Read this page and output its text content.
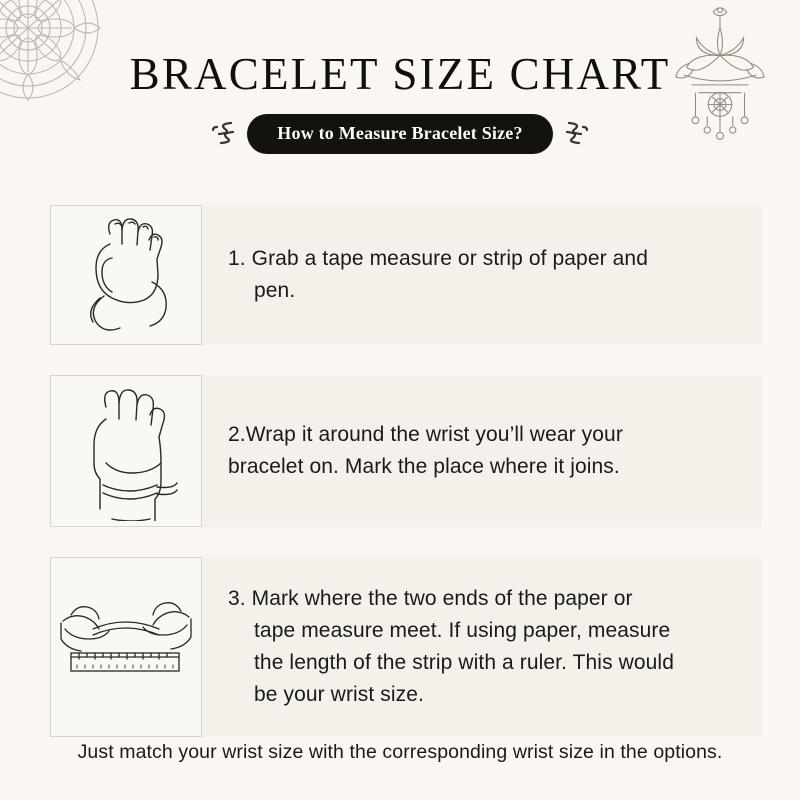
BRACELET SIZE CHART
How to Measure Bracelet Size?
1. Grab a tape measure or strip of paper and
pen.
2.Wrap it around the wrist you’ll wear your
bracelet on. Mark the place where it joins.
3. Mark where the two ends of the paper or
tape measure meet. If using paper, measure
the length of the strip with a ruler. This would
be your wrist size.
Just match your wrist size with the corresponding wrist size in the options.
